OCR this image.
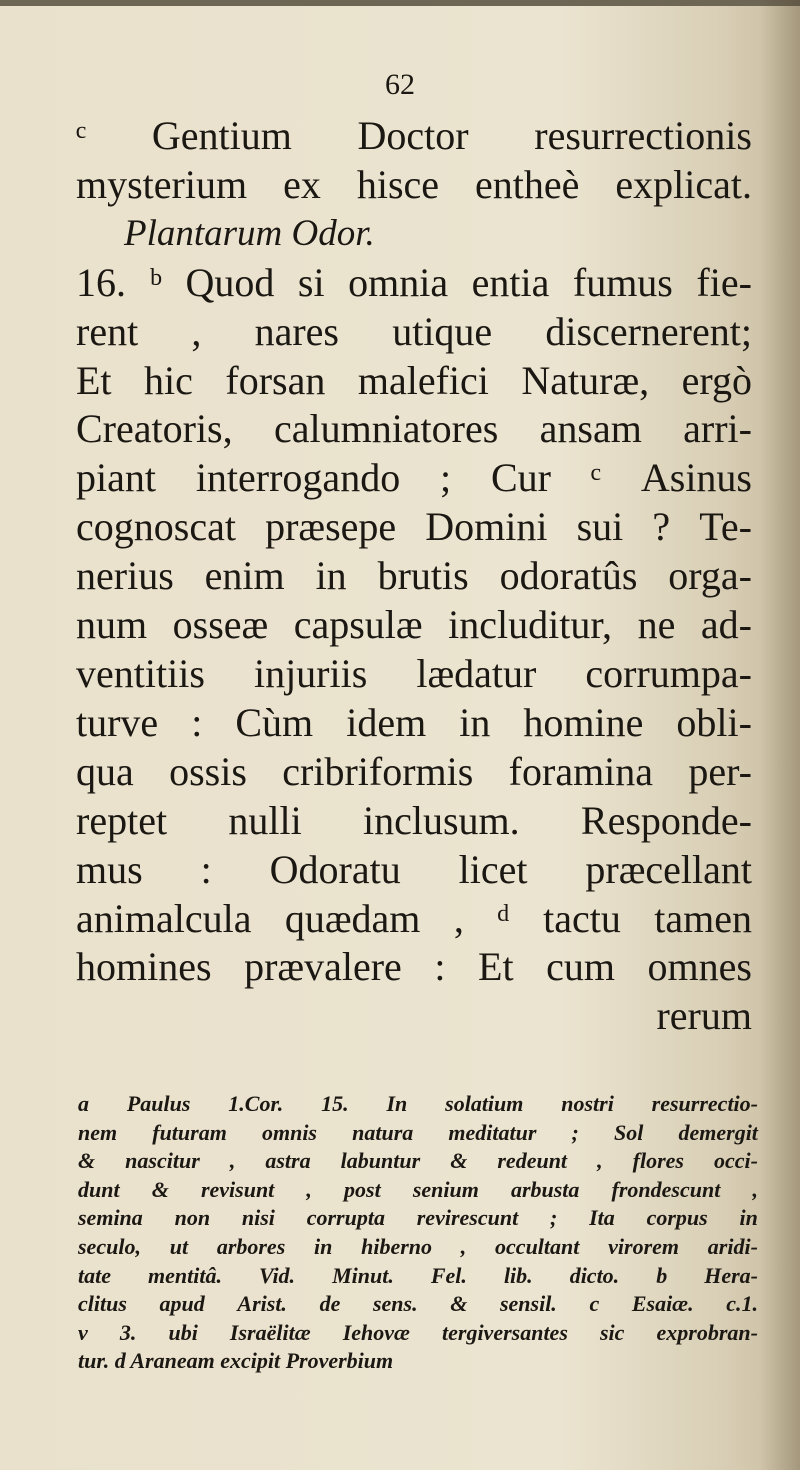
62
ᶜ Gentium Doctor resurrectionis
mysterium ex hisce entheè explicat.
Plantarum Odor.
16. ᵇ Quod si omnia entia fumus fie-
rent , nares utique discernerent;
Et hic forsan malefici Naturæ, ergò
Creatoris, calumniatores ansam arri-
piant interrogando ; Cur ᶜ Asinus
cognoscat præsepe Domini sui ? Te-
nerius enim in brutis odoratûs orga-
num osseæ capsulæ includitur, ne ad-
ventitiis injuriis lædatur corrumpa-
turve : Cùm idem in homine obli-
qua ossis cribriformis foramina per-
reptet nulli inclusum. Respondе-
mus : Odoratu licet præcellant
animalcula quædam , ᵈ tactu tamen
homines prævalere : Et cum omnes
rerum
a Paulus 1.Cor. 15. In solatium nostri resurrectio-
nem futuram omnis natura meditatur ; Sol demergit
& nascitur , astra labuntur & redeunt , flores occi-
dunt & revisunt , post senium arbusta frondescunt ,
semina non nisi corrupta revirescunt ; Ita corpus in
seculo, ut arbores in hiberno , occultant virorem aridi-
tate mentitâ. Vid. Minut. Fel. lib. dicto. b Hera-
clitus apud Arist. de sens. & sensil. c Esaiæ. c.1.
v 3. ubi Israëlitæ Iehovæ tergiversantes sic exprobran-
tur. d Araneam excipit Proverbium
